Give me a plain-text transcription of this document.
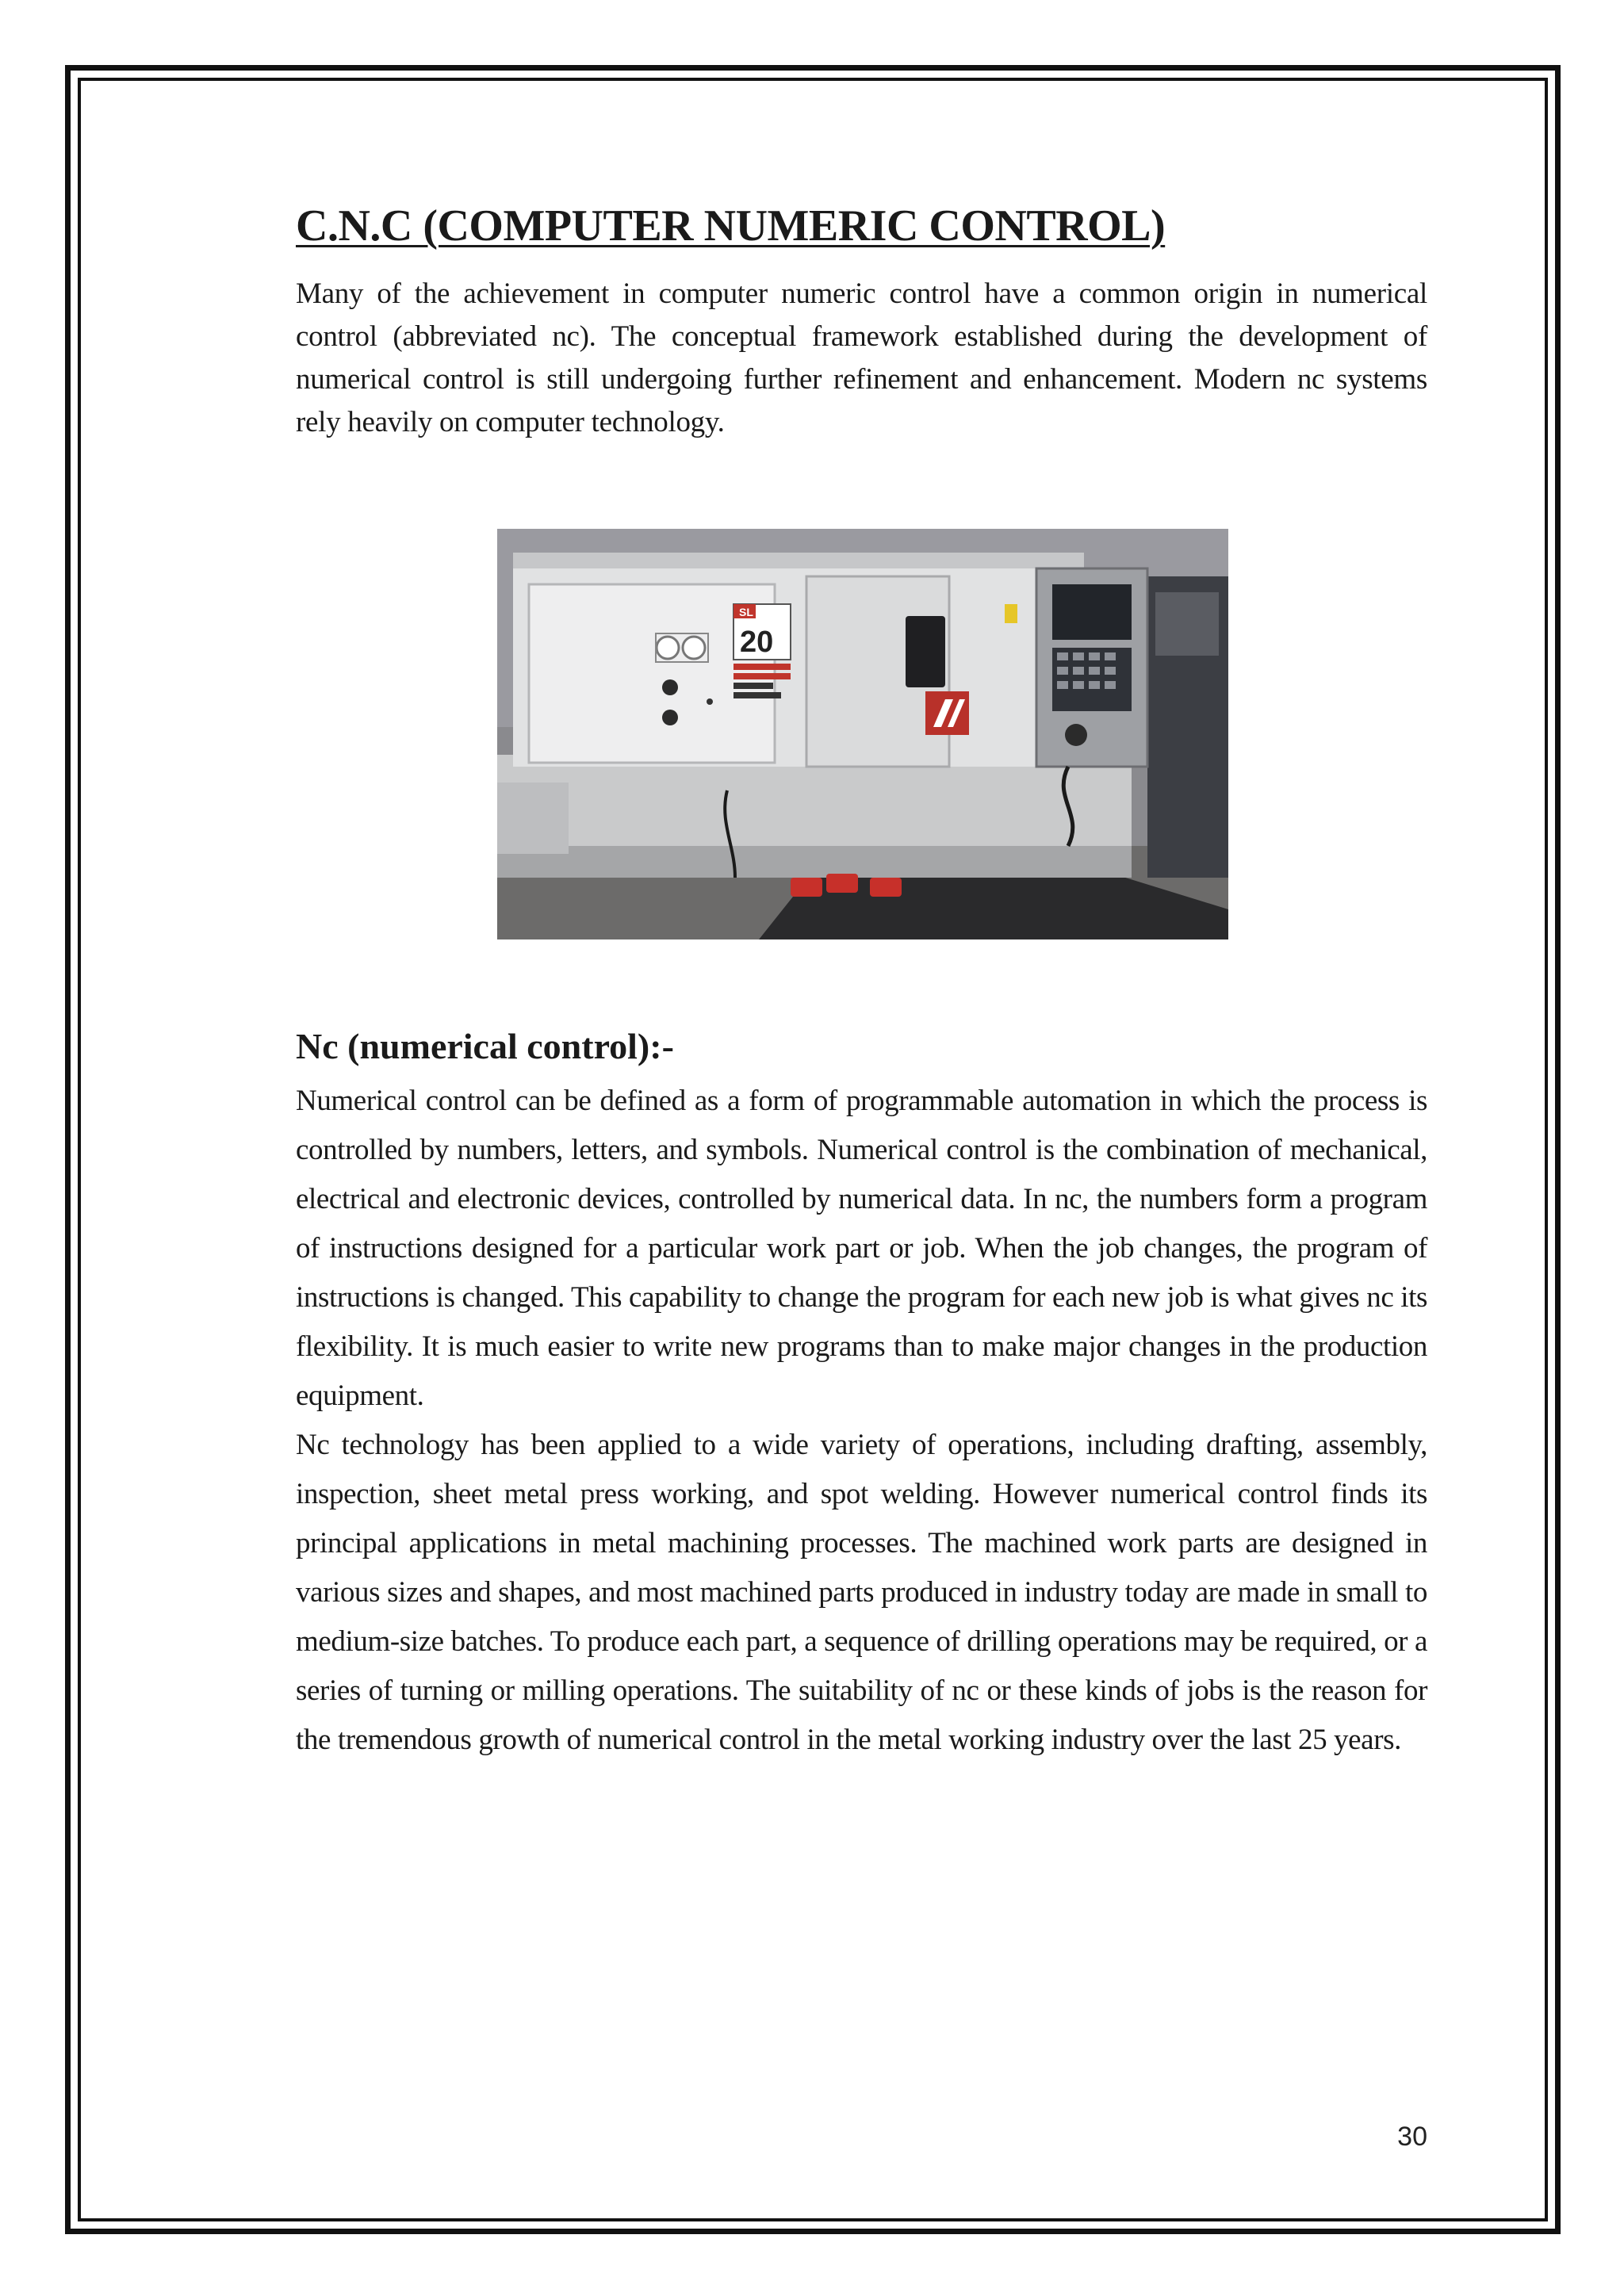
C.N.C (COMPUTER NUMERIC CONTROL)

Many of the achievement in computer numeric control have a common origin in numerical control (abbreviated nc). The conceptual framework established during the development of numerical control is still undergoing further refinement and enhancement. Modern nc systems rely heavily on computer technology.

SL
20
Nc (numerical control):-

Numerical control can be defined as a form of programmable automation in which the process is controlled by numbers, letters, and symbols. Numerical control is the combination of mechanical, electrical and electronic devices, controlled by numerical data. In nc, the numbers form a program of instructions designed for a particular work part or job. When the job changes, the program of instructions is changed. This capability to change the program for each new job is what gives nc its flexibility. It is much easier to write new programs than to make major changes in the production equipment.

Nc technology has been applied to a wide variety of operations, including drafting, assembly, inspection, sheet metal press working, and spot welding. However numerical control finds its principal applications in metal machining processes. The machined work parts are designed in various sizes and shapes, and most machined parts produced in industry today are made in small to medium-size batches. To produce each part, a sequence of drilling operations may be required, or a series of turning or milling operations. The suitability of nc or these kinds of jobs is the reason for the tremendous growth of numerical control in the metal working industry over the last 25 years.

30
